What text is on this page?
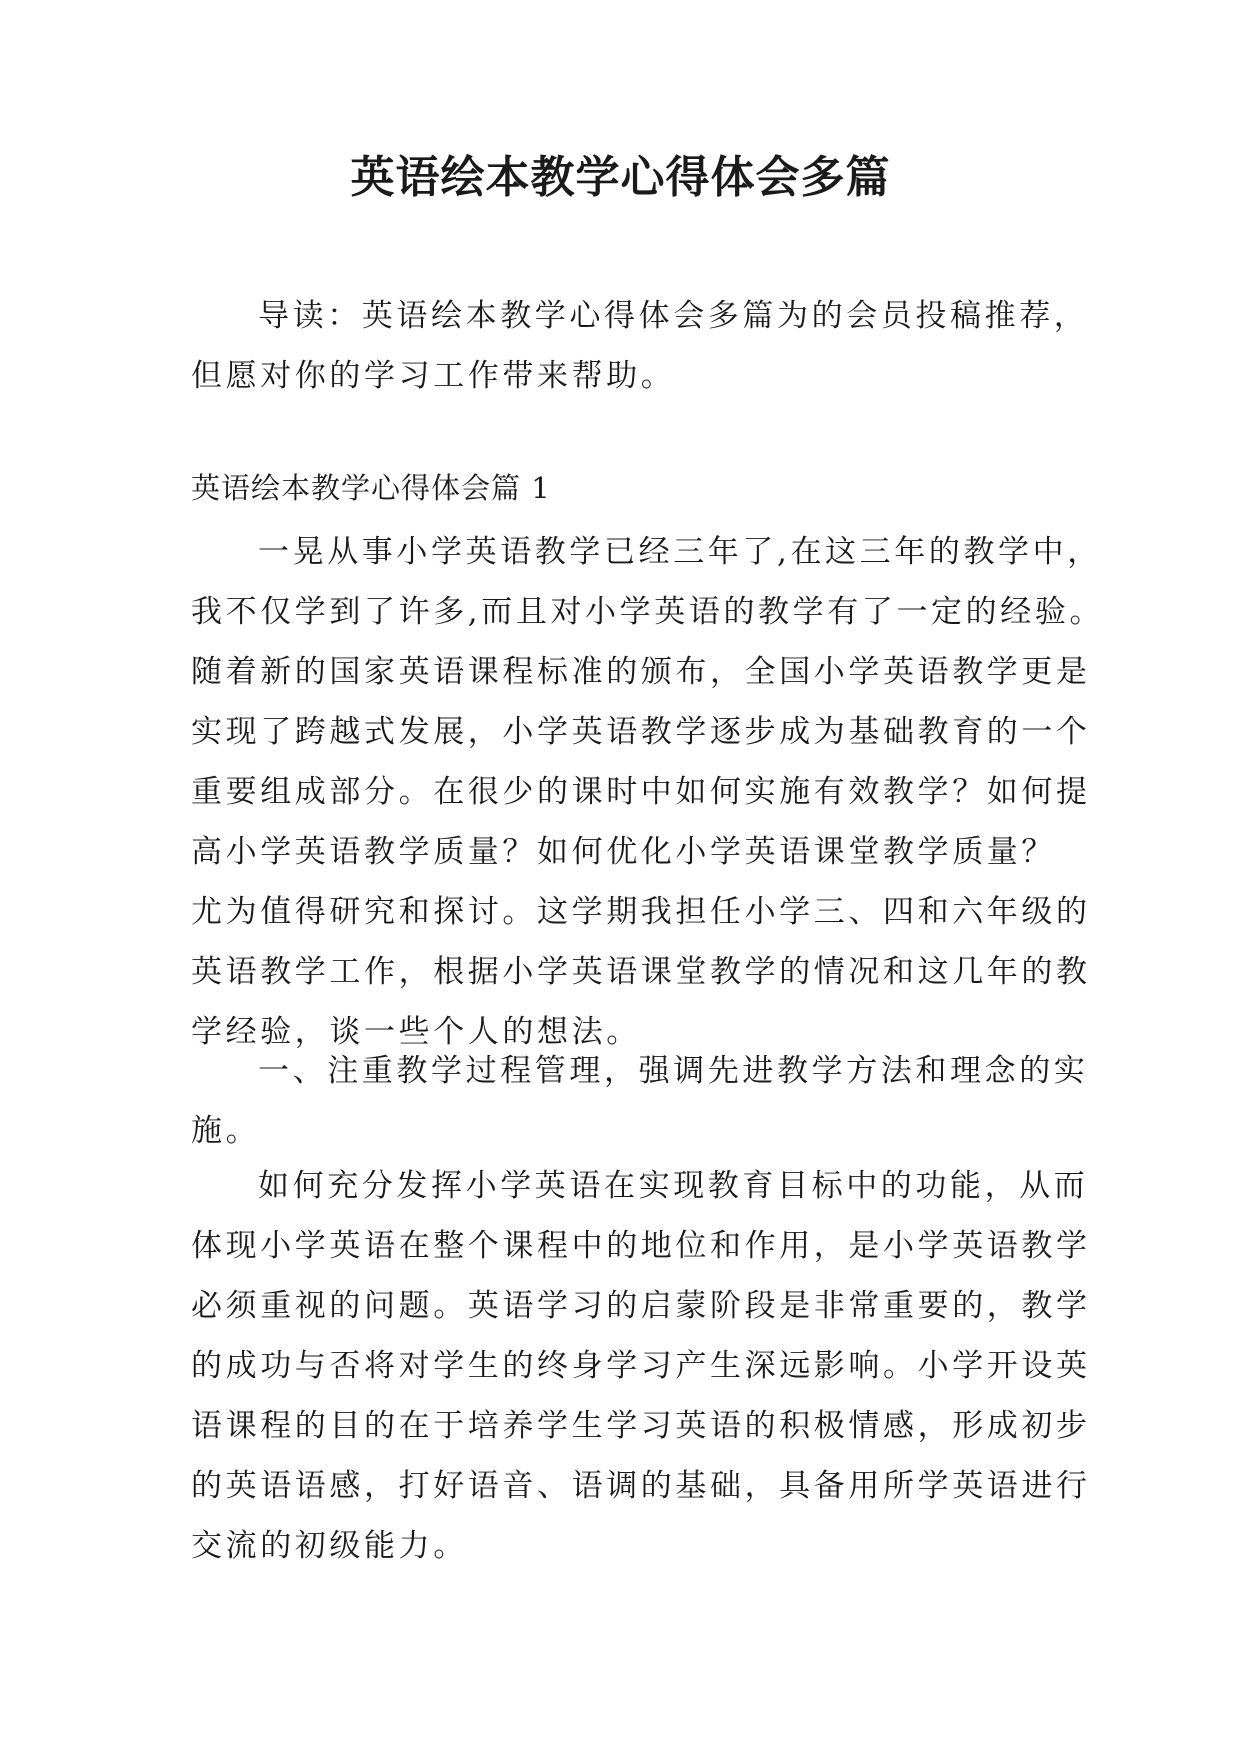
英语绘本教学心得体会多篇
导读：英语绘本教学心得体会多篇为的会员投稿推荐，
但愿对你的学习工作带来帮助。
英语绘本教学心得体会篇 1
一晃从事小学英语教学已经三年了,在这三年的教学中，
我不仅学到了许多,而且对小学英语的教学有了一定的经验。
随着新的国家英语课程标准的颁布，全国小学英语教学更是
实现了跨越式发展，小学英语教学逐步成为基础教育的一个
重要组成部分。在很少的课时中如何实施有效教学？如何提
高小学英语教学质量？如何优化小学英语课堂教学质量？
尤为值得研究和探讨。这学期我担任小学三、四和六年级的
英语教学工作，根据小学英语课堂教学的情况和这几年的教
学经验，谈一些个人的想法。
一、注重教学过程管理，强调先进教学方法和理念的实
施。
如何充分发挥小学英语在实现教育目标中的功能，从而
体现小学英语在整个课程中的地位和作用，是小学英语教学
必须重视的问题。英语学习的启蒙阶段是非常重要的，教学
的成功与否将对学生的终身学习产生深远影响。小学开设英
语课程的目的在于培养学生学习英语的积极情感，形成初步
的英语语感，打好语音、语调的基础，具备用所学英语进行
交流的初级能力。
